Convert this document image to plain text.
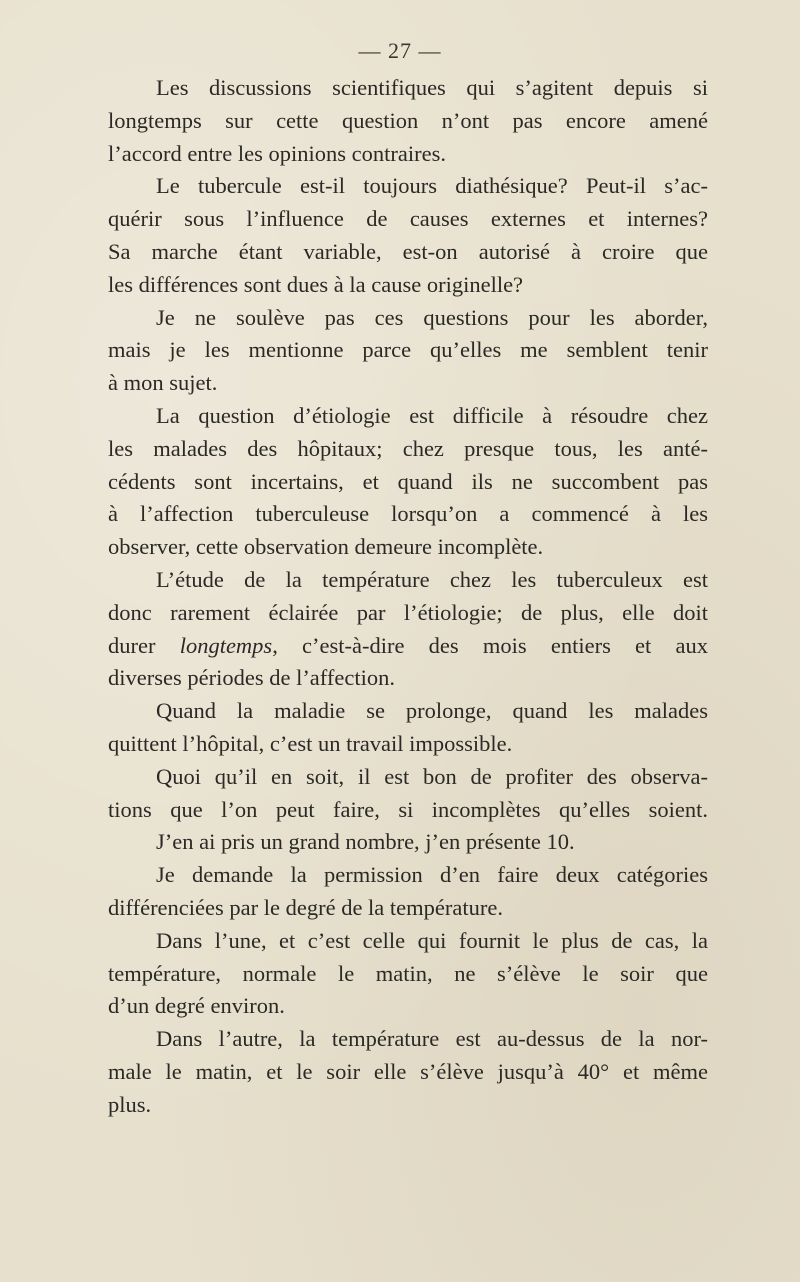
— 27 —
Les discussions scientifiques qui s’agitent depuis si
longtemps sur cette question n’ont pas encore amené
l’accord entre les opinions contraires.
Le tubercule est-il toujours diathésique? Peut-il s’ac-
quérir sous l’influence de causes externes et internes?
Sa marche étant variable, est-on autorisé à croire que
les différences sont dues à la cause originelle?
Je ne soulève pas ces questions pour les aborder,
mais je les mentionne parce qu’elles me semblent tenir
à mon sujet.
La question d’étiologie est difficile à résoudre chez
les malades des hôpitaux; chez presque tous, les anté-
cédents sont incertains, et quand ils ne succombent pas
à l’affection tuberculeuse lorsqu’on a commencé à les
observer, cette observation demeure incomplète.
L’étude de la température chez les tuberculeux est
donc rarement éclairée par l’étiologie; de plus, elle doit
durer longtemps, c’est-à-dire des mois entiers et aux
diverses périodes de l’affection.
Quand la maladie se prolonge, quand les malades
quittent l’hôpital, c’est un travail impossible.
Quoi qu’il en soit, il est bon de profiter des observa-
tions que l’on peut faire, si incomplètes qu’elles soient.
J’en ai pris un grand nombre, j’en présente 10.
Je demande la permission d’en faire deux catégories
différenciées par le degré de la température.
Dans l’une, et c’est celle qui fournit le plus de cas, la
température, normale le matin, ne s’élève le soir que
d’un degré environ.
Dans l’autre, la température est au-dessus de la nor-
male le matin, et le soir elle s’élève jusqu’à 40° et même
plus.
